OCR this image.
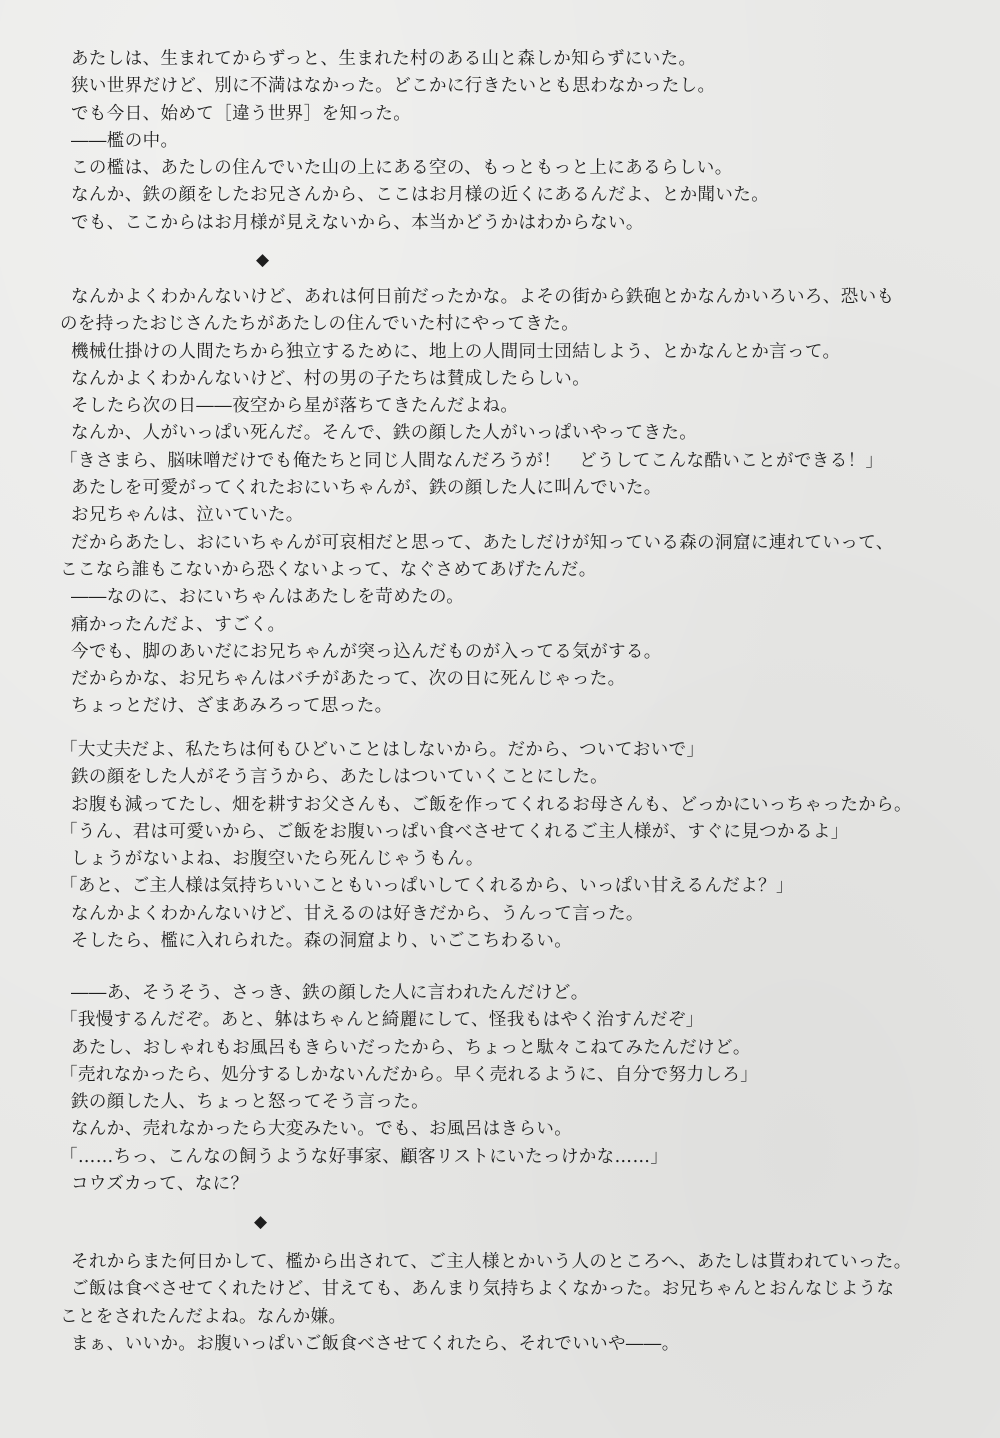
あたしは、生まれてからずっと、生まれた村のある山と森しか知らずにいた。
狭い世界だけど、別に不満はなかった。どこかに行きたいとも思わなかったし。
でも今日、始めて［違う世界］を知った。
――檻の中。
この檻は、あたしの住んでいた山の上にある空の、もっともっと上にあるらしい。
なんか、鉄の顔をしたお兄さんから、ここはお月様の近くにあるんだよ、とか聞いた。
でも、ここからはお月様が見えないから、本当かどうかはわからない。
◆
なんかよくわかんないけど、あれは何日前だったかな。よその街から鉄砲とかなんかいろいろ、恐いも
のを持ったおじさんたちがあたしの住んでいた村にやってきた。
機械仕掛けの人間たちから独立するために、地上の人間同士団結しよう、とかなんとか言って。
なんかよくわかんないけど、村の男の子たちは賛成したらしい。
そしたら次の日――夜空から星が落ちてきたんだよね。
なんか、人がいっぱい死んだ。そんで、鉄の顔した人がいっぱいやってきた。
「きさまら、脳味噌だけでも俺たちと同じ人間なんだろうが！　どうしてこんな酷いことができる！」
あたしを可愛がってくれたおにいちゃんが、鉄の顔した人に叫んでいた。
お兄ちゃんは、泣いていた。
だからあたし、おにいちゃんが可哀相だと思って、あたしだけが知っている森の洞窟に連れていって、
ここなら誰もこないから恐くないよって、なぐさめてあげたんだ。
――なのに、おにいちゃんはあたしを苛めたの。
痛かったんだよ、すごく。
今でも、脚のあいだにお兄ちゃんが突っ込んだものが入ってる気がする。
だからかな、お兄ちゃんはバチがあたって、次の日に死んじゃった。
ちょっとだけ、ざまあみろって思った。
「大丈夫だよ、私たちは何もひどいことはしないから。だから、ついておいで」
鉄の顔をした人がそう言うから、あたしはついていくことにした。
お腹も減ってたし、畑を耕すお父さんも、ご飯を作ってくれるお母さんも、どっかにいっちゃったから。
「うん、君は可愛いから、ご飯をお腹いっぱい食べさせてくれるご主人様が、すぐに見つかるよ」
しょうがないよね、お腹空いたら死んじゃうもん。
「あと、ご主人様は気持ちいいこともいっぱいしてくれるから、いっぱい甘えるんだよ？」
なんかよくわかんないけど、甘えるのは好きだから、うんって言った。
そしたら、檻に入れられた。森の洞窟より、いごこちわるい。
――あ、そうそう、さっき、鉄の顔した人に言われたんだけど。
「我慢するんだぞ。あと、躰はちゃんと綺麗にして、怪我もはやく治すんだぞ」
あたし、おしゃれもお風呂もきらいだったから、ちょっと駄々こねてみたんだけど。
「売れなかったら、処分するしかないんだから。早く売れるように、自分で努力しろ」
鉄の顔した人、ちょっと怒ってそう言った。
なんか、売れなかったら大変みたい。でも、お風呂はきらい。
「……ちっ、こんなの飼うような好事家、顧客リストにいたっけかな……」
コウズカって、なに？
◆
それからまた何日かして、檻から出されて、ご主人様とかいう人のところへ、あたしは貰われていった。
ご飯は食べさせてくれたけど、甘えても、あんまり気持ちよくなかった。お兄ちゃんとおんなじような
ことをされたんだよね。なんか嫌。
まぁ、いいか。お腹いっぱいご飯食べさせてくれたら、それでいいや――。
